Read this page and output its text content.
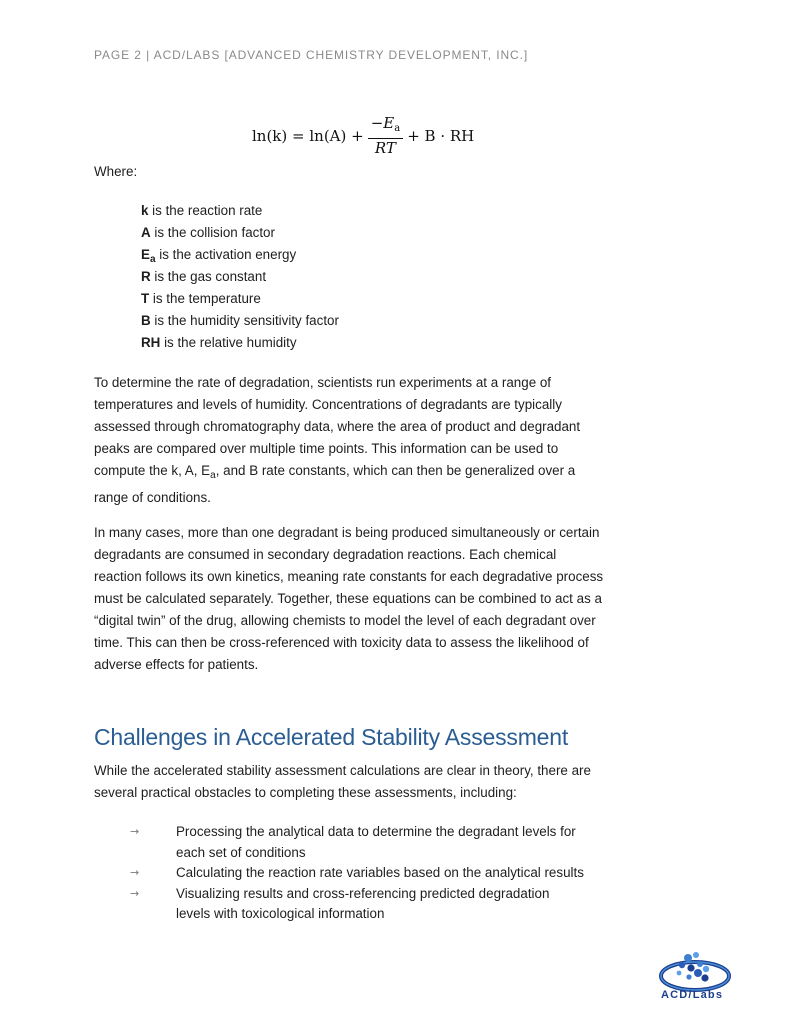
PAGE 2 | ACD/LABS [ADVANCED CHEMISTRY DEVELOPMENT, INC.]
$\ln(k) = \ln(A) + \frac{-E_a}{RT} + B$ · RH
Where:
k is the reaction rate
A is the collision factor
$E_a$ is the activation energy
R is the gas constant
T is the temperature
B is the humidity sensitivity factor
RH is the relative humidity

To determine the rate of degradation, scientists run experiments at a range of temperatures and levels of humidity. Concentrations of degradants are typically assessed through chromatography data, where the area of product and degradant peaks are compared over multiple time points. This information can be used to compute the k, A, $E_a$, and B rate constants, which can then be generalized over a range of conditions.

In many cases, more than one degradant is being produced simultaneously or certain degradants are consumed in secondary degradation reactions. Each chemical reaction follows its own kinetics, meaning rate constants for each degradative process must be calculated separately. Together, these equations can be combined to act as a “digital twin” of the drug, allowing chemists to model the level of each degradant over time. This can then be cross-referenced with toxicity data to assess the likelihood of adverse effects for patients.

Challenges in Accelerated Stability Assessment

While the accelerated stability assessment calculations are clear in theory, there are several practical obstacles to completing these assessments, including:

→	Processing the analytical data to determine the degradant levels for each set of conditions
→	Calculating the reaction rate variables based on the analytical results
→	Visualizing results and cross-referencing predicted degradation levels with toxicological information
ACD/Labs
